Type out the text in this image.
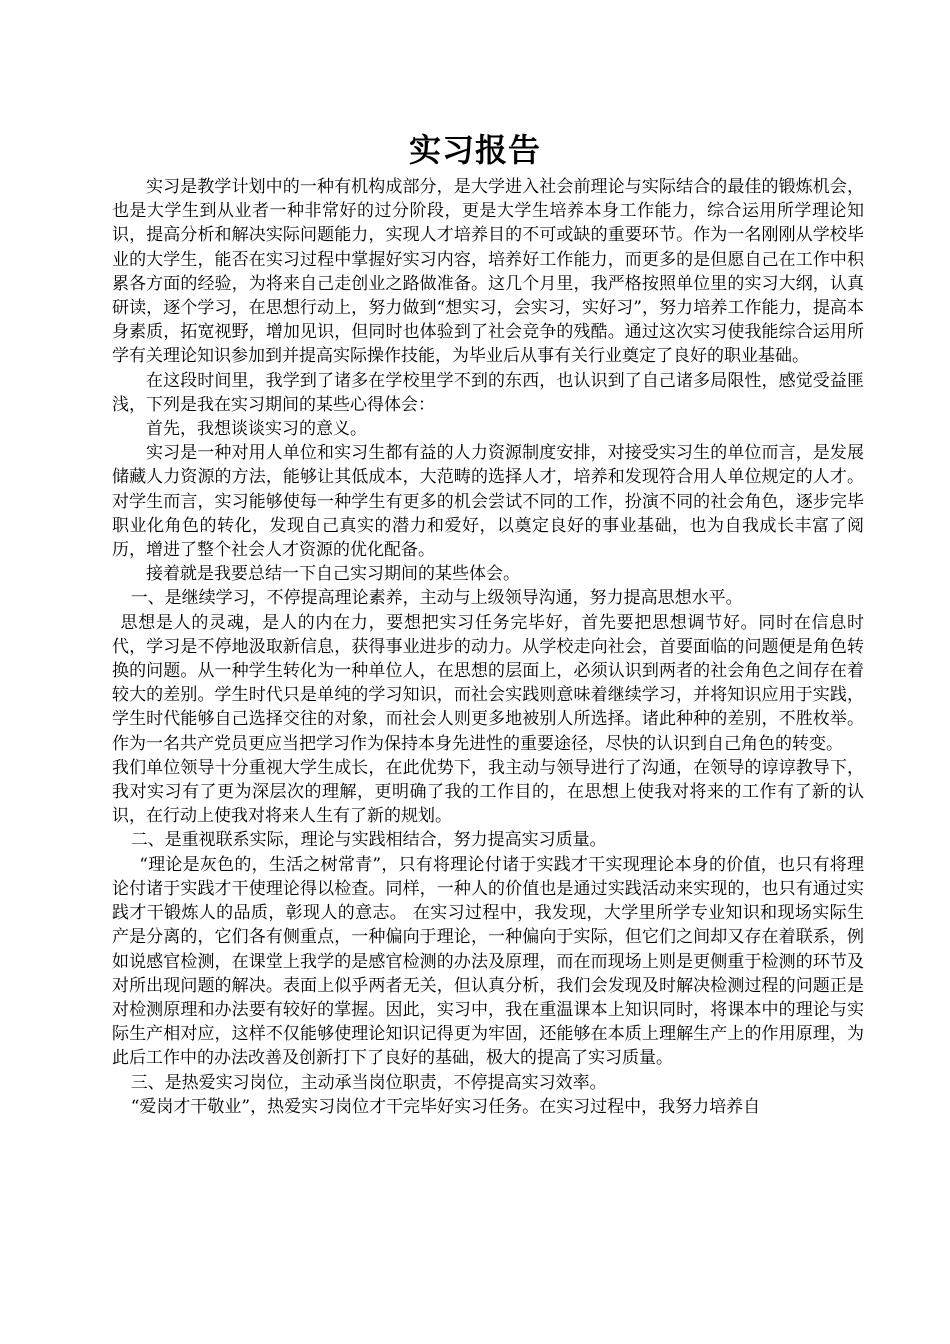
实习报告

实习是教学计划中的一种有机构成部分，是大学进入社会前理论与实际结合的最佳的锻炼机会，也是大学生到从业者一种非常好的过分阶段，更是大学生培养本身工作能力，综合运用所学理论知识，提高分析和解决实际问题能力，实现人才培养目的不可或缺的重要环节。作为一名刚刚从学校毕业的大学生，能否在实习过程中掌握好实习内容，培养好工作能力，而更多的是但愿自己在工作中积累各方面的经验，为将来自己走创业之路做准备。这几个月里，我严格按照单位里的实习大纲，认真研读，逐个学习，在思想行动上，努力做到“想实习，会实习，实好习”，努力培养工作能力，提高本身素质，拓宽视野，增加见识，但同时也体验到了社会竞争的残酷。通过这次实习使我能综合运用所学有关理论知识参加到并提高实际操作技能，为毕业后从事有关行业奠定了良好的职业基础。

在这段时间里，我学到了诸多在学校里学不到的东西，也认识到了自己诸多局限性，感觉受益匪浅，下列是我在实习期间的某些心得体会：

首先，我想谈谈实习的意义。

实习是一种对用人单位和实习生都有益的人力资源制度安排，对接受实习生的单位而言，是发展储藏人力资源的方法，能够让其低成本，大范畴的选择人才，培养和发现符合用人单位规定的人才。对学生而言，实习能够使每一种学生有更多的机会尝试不同的工作，扮演不同的社会角色，逐步完毕职业化角色的转化，发现自己真实的潜力和爱好，以奠定良好的事业基础，也为自我成长丰富了阅历，增进了整个社会人才资源的优化配备。

接着就是我要总结一下自己实习期间的某些体会。

一、是继续学习，不停提高理论素养，主动与上级领导沟通，努力提高思想水平。

思想是人的灵魂，是人的内在力，要想把实习任务完毕好，首先要把思想调节好。同时在信息时代，学习是不停地汲取新信息，获得事业进步的动力。从学校走向社会，首要面临的问题便是角色转换的问题。从一种学生转化为一种单位人，在思想的层面上，必须认识到两者的社会角色之间存在着较大的差别。学生时代只是单纯的学习知识，而社会实践则意味着继续学习，并将知识应用于实践，学生时代能够自己选择交往的对象，而社会人则更多地被别人所选择。诸此种种的差别，不胜枚举。作为一名共产党员更应当把学习作为保持本身先进性的重要途径，尽快的认识到自己角色的转变。

我们单位领导十分重视大学生成长，在此优势下，我主动与领导进行了沟通，在领导的谆谆教导下，我对实习有了更为深层次的理解，更明确了我的工作目的，在思想上使我对将来的工作有了新的认识，在行动上使我对将来人生有了新的规划。

二、是重视联系实际，理论与实践相结合，努力提高实习质量。

“理论是灰色的，生活之树常青”，只有将理论付诸于实践才干实现理论本身的价值，也只有将理论付诸于实践才干使理论得以检查。同样，一种人的价值也是通过实践活动来实现的，也只有通过实践才干锻炼人的品质，彰现人的意志。 在实习过程中，我发现，大学里所学专业知识和现场实际生产是分离的，它们各有侧重点，一种偏向于理论，一种偏向于实际，但它们之间却又存在着联系，例如说感官检测，在课堂上我学的是感官检测的办法及原理，而在而现场上则是更侧重于检测的环节及对所出现问题的解决。表面上似乎两者无关，但认真分析，我们会发现及时解决检测过程的问题正是对检测原理和办法要有较好的掌握。因此，实习中，我在重温课本上知识同时，将课本中的理论与实际生产相对应，这样不仅能够使理论知识记得更为牢固，还能够在本质上理解生产上的作用原理，为此后工作中的办法改善及创新打下了良好的基础，极大的提高了实习质量。

三、是热爱实习岗位，主动承当岗位职责，不停提高实习效率。

“爱岗才干敬业”，热爱实习岗位才干完毕好实习任务。在实习过程中，我努力培养自
